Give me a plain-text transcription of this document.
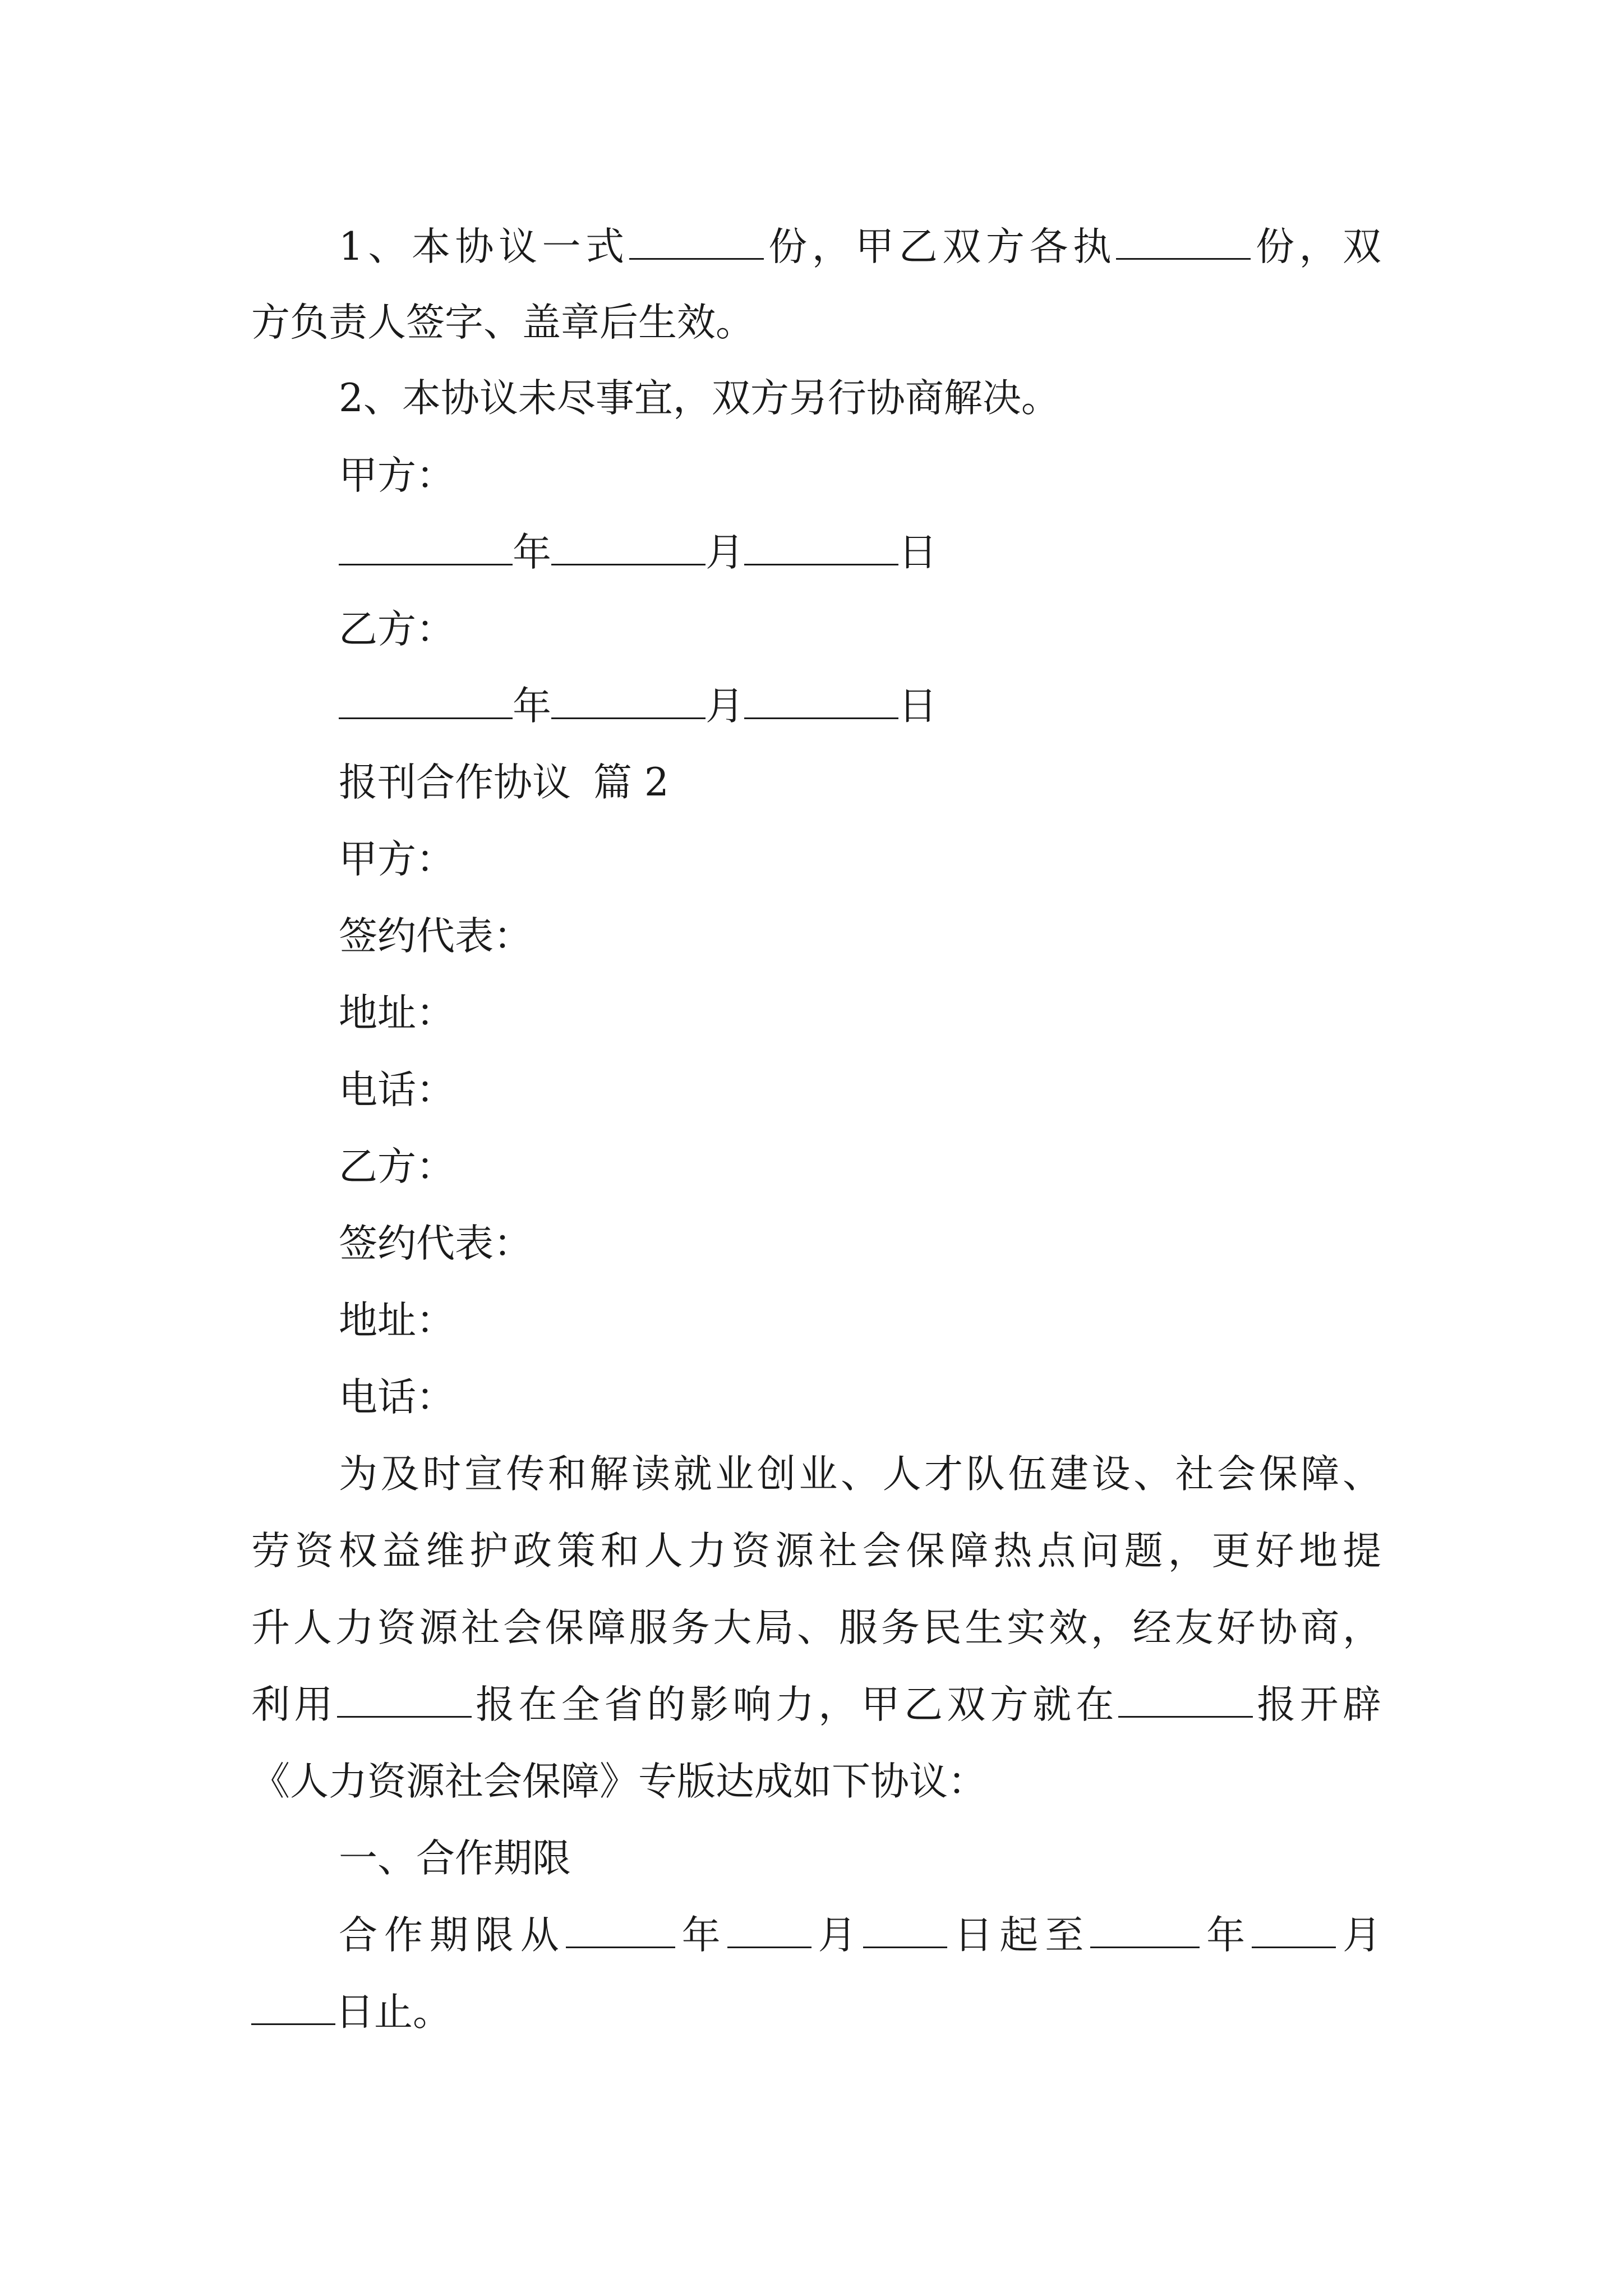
1、本协议一式	份，甲乙双方各执	份，双

方负责人签字、盖章后生效。

2、本协议未尽事宜，双方另行协商解决。

甲方：

年	月	日

乙方：

年	月	日

报刊合作协议 篇 2

甲方：

签约代表：

地址：

电话：

乙方：

签约代表：

地址：

电话：

为及时宣传和解读就业创业、人才队伍建设、社会保障、

劳资权益维护政策和人力资源社会保障热点问题，更好地提

升人力资源社会保障服务大局、服务民生实效，经友好协商，

利用	报在全省的影响力，甲乙双方就在	报开辟

《人力资源社会保障》专版达成如下协议：

一、合作期限

合作期限从	年 月 日起至	年 月

日止。
